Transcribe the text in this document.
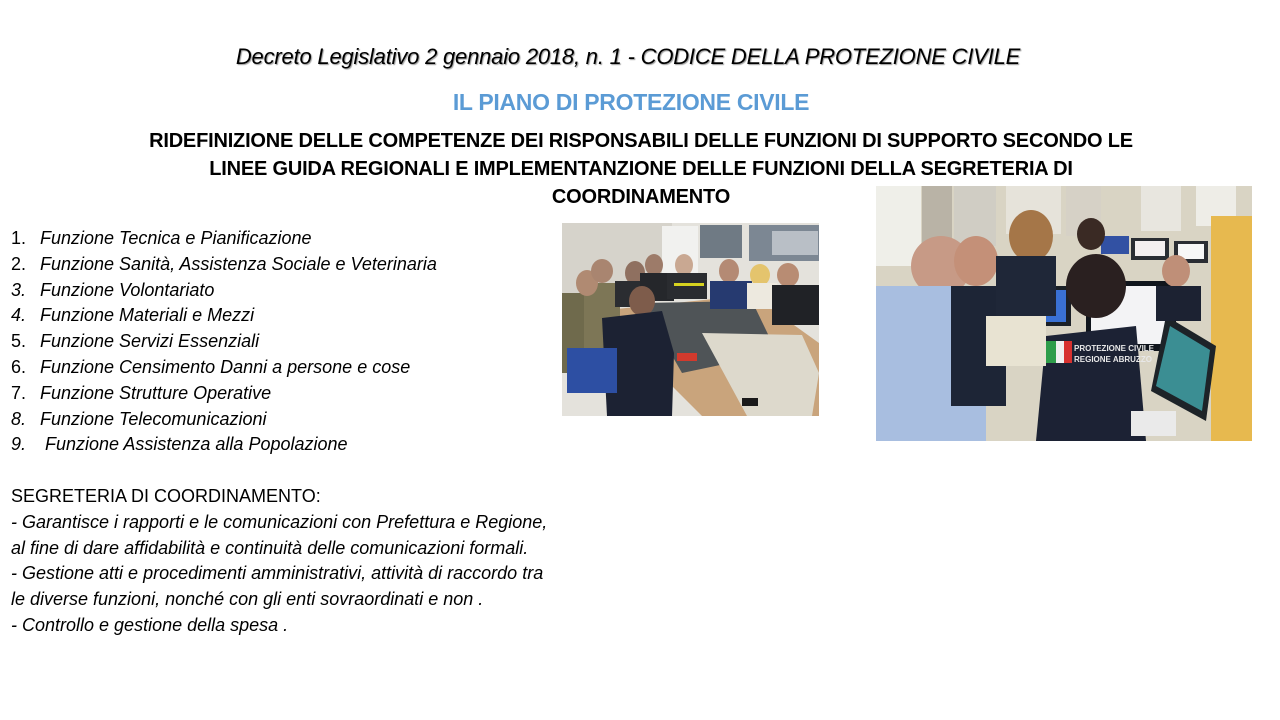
Decreto Legislativo 2 gennaio 2018, n. 1 - CODICE DELLA PROTEZIONE CIVILE
IL PIANO DI PROTEZIONE CIVILE
RIDEFINIZIONE DELLE COMPETENZE DEI RISPONSABILI DELLE FUNZIONI DI SUPPORTO SECONDO LE
LINEE GUIDA REGIONALI E IMPLEMENTANZIONE DELLE FUNZIONI DELLA SEGRETERIA DI
COORDINAMENTO
1. Funzione Tecnica e Pianificazione
2. Funzione Sanità, Assistenza Sociale e Veterinaria
3. Funzione Volontariato
4. Funzione Materiali e Mezzi
5. Funzione Servizi Essenziali
6. Funzione Censimento Danni a persone e cose
7. Funzione Strutture Operative
8. Funzione Telecomunicazioni
9. Funzione Assistenza alla Popolazione
SEGRETERIA DI COORDINAMENTO:
- Garantisce i rapporti e le comunicazioni con Prefettura e Regione,
al fine di dare affidabilità e continuità delle comunicazioni formali.
- Gestione atti e procedimenti amministrativi, attività di raccordo tra
le diverse funzioni, nonché con gli enti sovraordinati e non .
- Controllo e gestione della spesa .
PROTEZIONE CIVILE
REGIONE ABRUZZO
